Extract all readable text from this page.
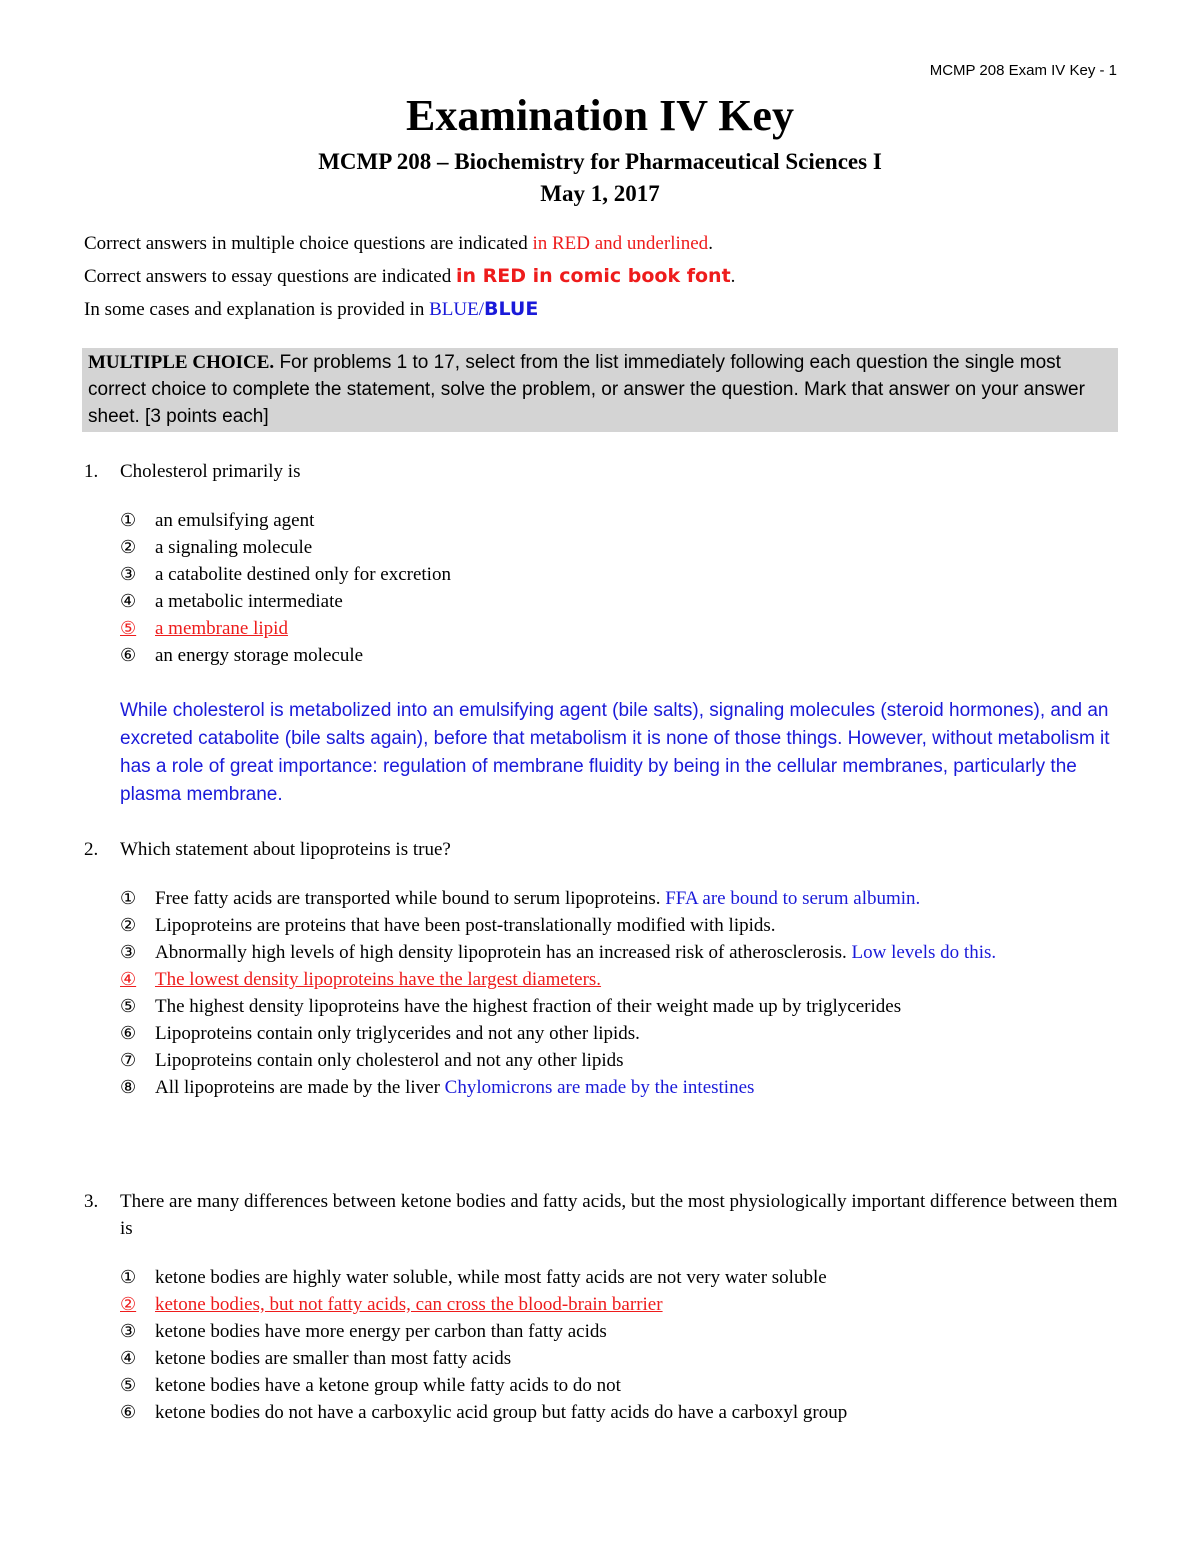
MCMP 208 Exam IV Key - 1
Examination IV Key
MCMP 208 – Biochemistry for Pharmaceutical Sciences I
May 1, 2017
Correct answers in multiple choice questions are indicated in RED and underlined.
Correct answers to essay questions are indicated in RED in comic book font.
In some cases and explanation is provided in BLUE/BLUE
MULTIPLE CHOICE. For problems 1 to 17, select from the list immediately following each question the single most correct choice to complete the statement, solve the problem, or answer the question. Mark that answer on your answer sheet. [3 points each]
1.	Cholesterol primarily is
① an emulsifying agent
② a signaling molecule
③ a catabolite destined only for excretion
④ a metabolic intermediate
⑤ a membrane lipid
⑥ an energy storage molecule
While cholesterol is metabolized into an emulsifying agent (bile salts), signaling molecules (steroid hormones), and an excreted catabolite (bile salts again), before that metabolism it is none of those things. However, without metabolism it has a role of great importance: regulation of membrane fluidity by being in the cellular membranes, particularly the plasma membrane.
2.	Which statement about lipoproteins is true?
① Free fatty acids are transported while bound to serum lipoproteins. FFA are bound to serum albumin.
② Lipoproteins are proteins that have been post-translationally modified with lipids.
③ Abnormally high levels of high density lipoprotein has an increased risk of atherosclerosis. Low levels do this.
④ The lowest density lipoproteins have the largest diameters.
⑤ The highest density lipoproteins have the highest fraction of their weight made up by triglycerides
⑥ Lipoproteins contain only triglycerides and not any other lipids.
⑦ Lipoproteins contain only cholesterol and not any other lipids
⑧ All lipoproteins are made by the liver Chylomicrons are made by the intestines
3.	There are many differences between ketone bodies and fatty acids, but the most physiologically important difference between them is
① ketone bodies are highly water soluble, while most fatty acids are not very water soluble
② ketone bodies, but not fatty acids, can cross the blood-brain barrier
③ ketone bodies have more energy per carbon than fatty acids
④ ketone bodies are smaller than most fatty acids
⑤ ketone bodies have a ketone group while fatty acids to do not
⑥ ketone bodies do not have a carboxylic acid group but fatty acids do have a carboxyl group
